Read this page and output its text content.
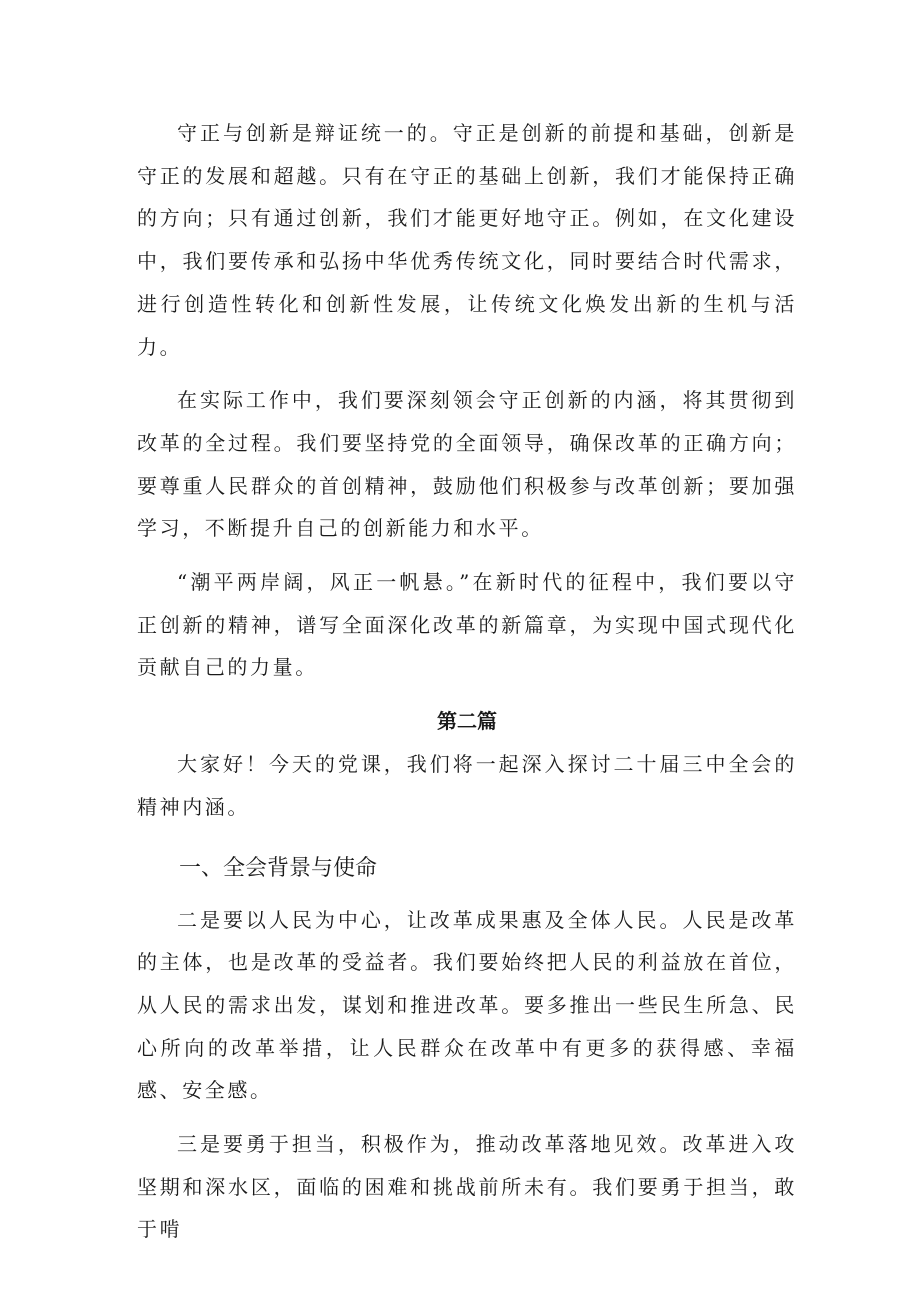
守正与创新是辩证统一的。守正是创新的前提和基础，创新是守正的发展和超越。只有在守正的基础上创新，我们才能保持正确的方向；只有通过创新，我们才能更好地守正。例如，在文化建设中，我们要传承和弘扬中华优秀传统文化，同时要结合时代需求，进行创造性转化和创新性发展，让传统文化焕发出新的生机与活力。

在实际工作中，我们要深刻领会守正创新的内涵，将其贯彻到改革的全过程。我们要坚持党的全面领导，确保改革的正确方向；要尊重人民群众的首创精神，鼓励他们积极参与改革创新；要加强学习，不断提升自己的创新能力和水平。

“潮平两岸阔，风正一帆悬。”在新时代的征程中，我们要以守正创新的精神，谱写全面深化改革的新篇章，为实现中国式现代化贡献自己的力量。

第二篇

大家好！今天的党课，我们将一起深入探讨二十届三中全会的精神内涵。

一、全会背景与使命

二是要以人民为中心，让改革成果惠及全体人民。人民是改革的主体，也是改革的受益者。我们要始终把人民的利益放在首位，从人民的需求出发，谋划和推进改革。要多推出一些民生所急、民心所向的改革举措，让人民群众在改革中有更多的获得感、幸福感、安全感。

三是要勇于担当，积极作为，推动改革落地见效。改革进入攻坚期和深水区，面临的困难和挑战前所未有。我们要勇于担当，敢于啃
